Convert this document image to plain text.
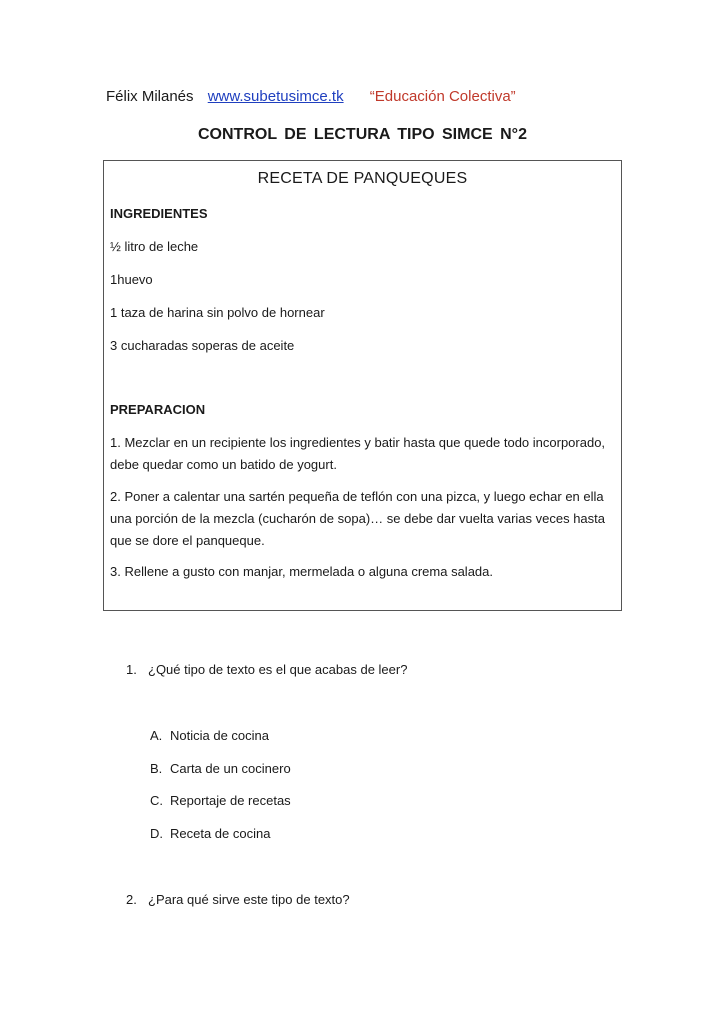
Félix Milanés www.subetusimce.tk “Educación Colectiva”
CONTROL DE LECTURA TIPO SIMCE N°2
RECETA DE PANQUEQUES
INGREDIENTES
½ litro de leche
1huevo
1 taza de harina sin polvo de hornear
3 cucharadas soperas de aceite
PREPARACION
1. Mezclar en un recipiente los ingredientes y batir hasta que quede todo incorporado, debe quedar como un batido de yogurt.
2. Poner a calentar una sartén pequeña de teflón con una pizca, y luego echar en ella una porción de la mezcla (cucharón de sopa)… se debe dar vuelta varias veces hasta que se dore el panqueque.
3. Rellene a gusto con manjar, mermelada o alguna crema salada.
1. ¿Qué tipo de texto es el que acabas de leer?
A. Noticia de cocina
B. Carta de un cocinero
C. Reportaje de recetas
D. Receta de cocina
2. ¿Para qué sirve este tipo de texto?
